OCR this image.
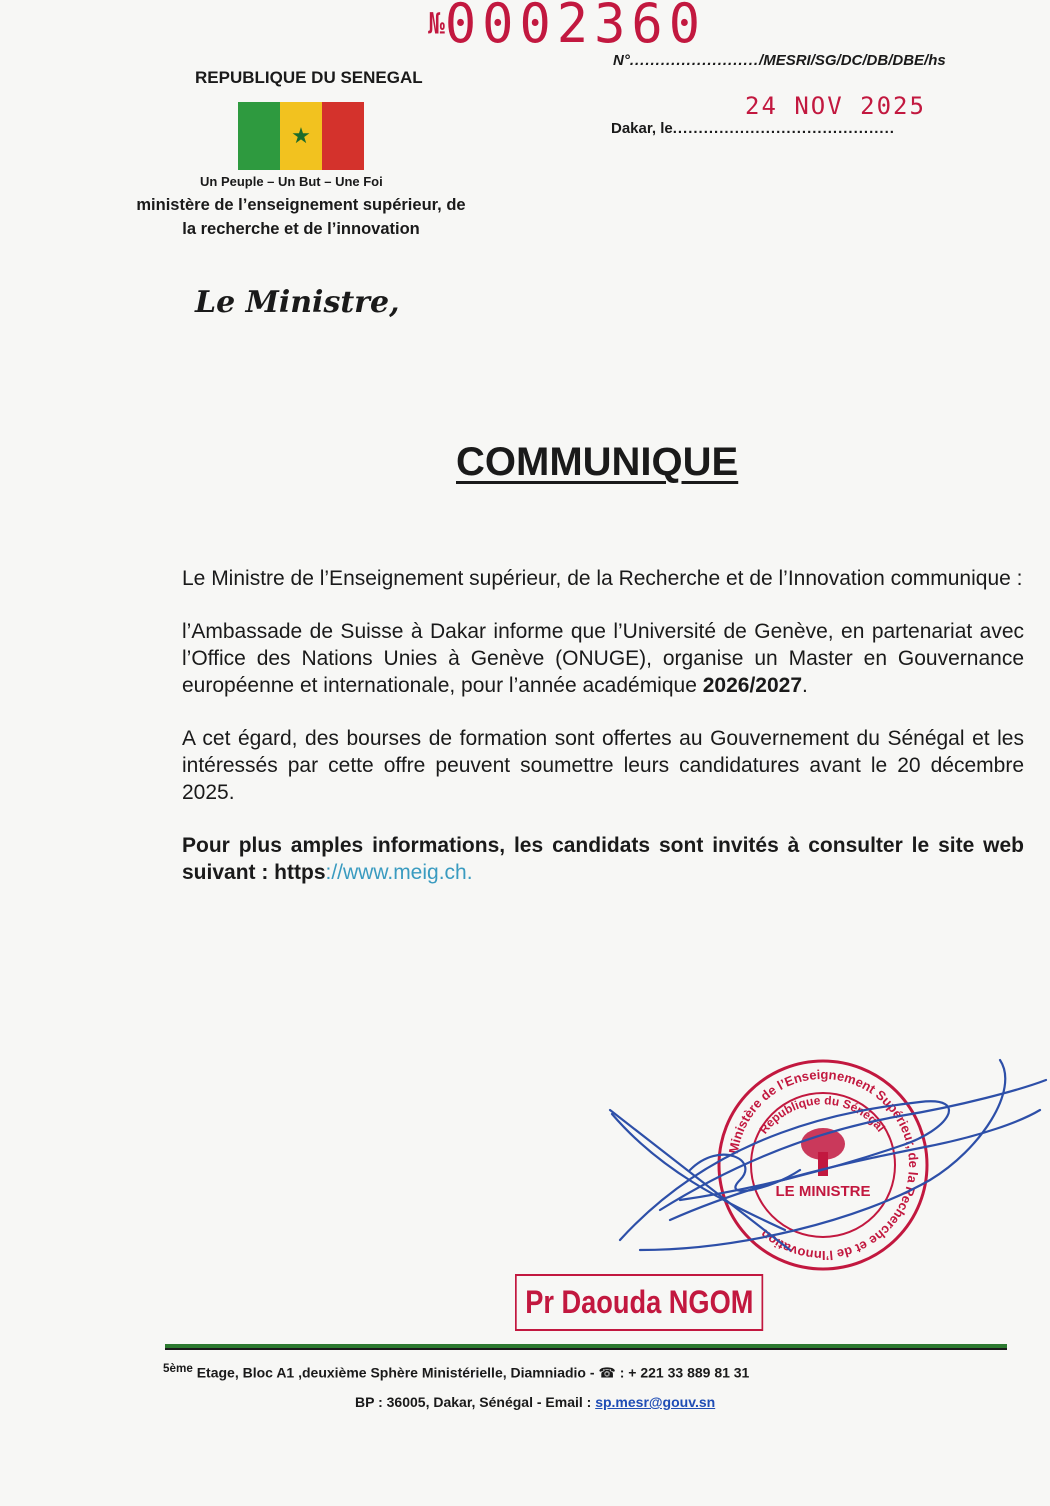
№0002360
REPUBLIQUE DU SENEGAL
★
Un Peuple – Un But – Une Foi
ministère de l’enseignement supérieur, de la recherche et de l’innovation
N°........................./MESRI/SG/DC/DB/DBE/hs
24 NOV 2025
Dakar, le...........................................
Le Ministre,
COMMUNIQUE

Le Ministre de l’Enseignement supérieur, de la Recherche et de l’Innovation communique :

l’Ambassade de Suisse à Dakar informe que l’Université de Genève, en partenariat avec l’Office des Nations Unies à Genève (ONUGE), organise un Master en Gouvernance européenne et internationale, pour l’année académique 2026/2027.

A cet égard, des bourses de formation sont offertes au Gouvernement du Sénégal et les intéressés par cette offre peuvent soumettre leurs candidatures avant le 20 décembre 2025.

Pour plus amples informations, les candidats sont invités à consulter le site web suivant : https://www.meig.ch.

Ministère de l’Enseignement Supérieur, de la Recherche et de l’Innovation
République du Sénégal
LE MINISTRE
Pr Daouda NGOM
$^{5ème}$ Etage, Bloc A1 ,deuxième Sphère Ministérielle, Diamniadio - ☎ : + 221 33 889 81 31
BP : 36005, Dakar, Sénégal - Email : sp.mesr@gouv.sn
